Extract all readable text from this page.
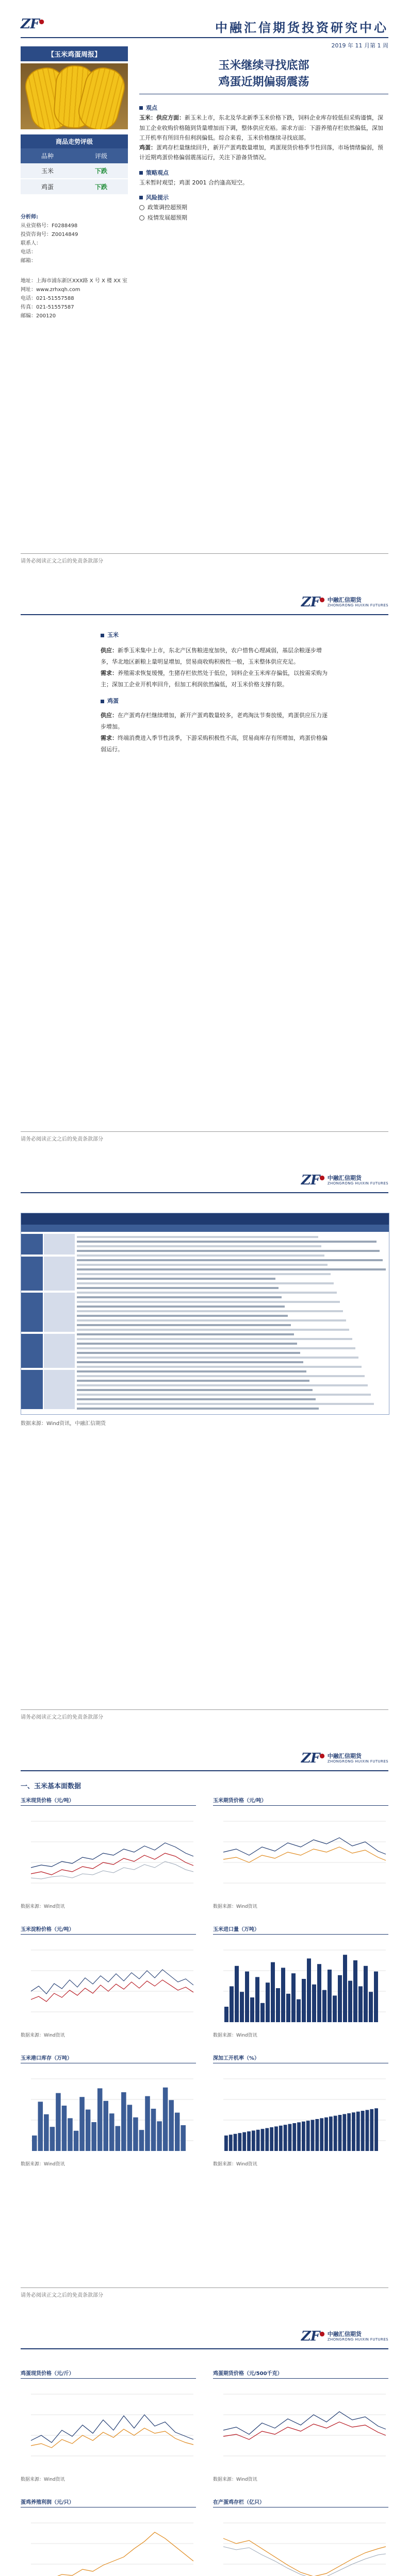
中融汇信期货投资研究中心
ZF●
2019 年 11 月第 1 周
【玉米鸡蛋周报】
商品走势评级
品种	评级
玉米	下跌
鸡蛋	下跌
分析师:
从业资格号：F0288498
投资咨询号：Z0014849
联系人：
电话：
邮箱：
地址：上海市浦东新区XXX路 X 号 X 楼 XX 室
网址：www.zrhxqh.com
电话：021-51557588
传真：021-51557587
邮编：200120
玉米继续寻找底部
鸡蛋近期偏弱震荡
观点
玉米：供应方面：新玉米上市，东北及华北新季玉米价格下跌，饲料企业库存较低但采购谨慎，深加工企业收购价格随到货量增加而下调，整体供应充裕。需求方面：下游养殖存栏依然偏低，深加工开机率有所回升但利润偏低。综合来看，玉米价格继续寻找底部。
鸡蛋：蛋鸡存栏量继续回升，新开产蛋鸡数量增加，鸡蛋现货价格季节性回落，市场情绪偏弱，预计近期鸡蛋价格偏弱震荡运行，关注下游备货情况。
策略观点
玉米暂时观望；鸡蛋 2001 合约逢高短空。
风险提示
政策调控超预期
疫情发展超预期
请务必阅读正文之后的免责条款部分
ZF● 中融汇信期货
ZHONGRONG HUIXIN FUTURES
玉米

供应：新季玉米集中上市，东北产区售粮进度加快，农户惜售心理减弱，基层余粮逐步增多，华北地区新粮上量明显增加，贸易商收购积极性一般，玉米整体供应充足。

需求：养殖需求恢复缓慢，生猪存栏依然处于低位，饲料企业玉米库存偏低，以按需采购为主；深加工企业开机率回升，但加工利润依然偏低，对玉米价格支撑有限。

鸡蛋

供应：在产蛋鸡存栏继续增加，新开产蛋鸡数量较多，老鸡淘汰节奏放缓，鸡蛋供应压力逐步增加。

需求：终端消费进入季节性淡季，下游采购积极性不高，贸易商库存有所增加，鸡蛋价格偏弱运行。

请务必阅读正文之后的免责条款部分
ZF● 中融汇信期货
ZHONGRONG HUIXIN FUTURES
数据来源：Wind资讯，中融汇信期货
请务必阅读正文之后的免责条款部分
ZF● 中融汇信期货
ZHONGRONG HUIXIN FUTURES
一、玉米基本面数据
玉米现货价格（元/吨）
数据来源：Wind资讯
玉米期货价格（元/吨）
数据来源：Wind资讯
玉米淀粉价格（元/吨）
数据来源：Wind资讯
玉米进口量（万吨）
数据来源：Wind资讯
玉米港口库存（万吨）
数据来源：Wind资讯
深加工开机率（%）
数据来源：Wind资讯
请务必阅读正文之后的免责条款部分
ZF● 中融汇信期货
ZHONGRONG HUIXIN FUTURES
鸡蛋现货价格（元/斤）
数据来源：Wind资讯
鸡蛋期货价格（元/500千克）
数据来源：Wind资讯
蛋鸡养殖利润（元/只）	在产蛋鸡存栏（亿只）
